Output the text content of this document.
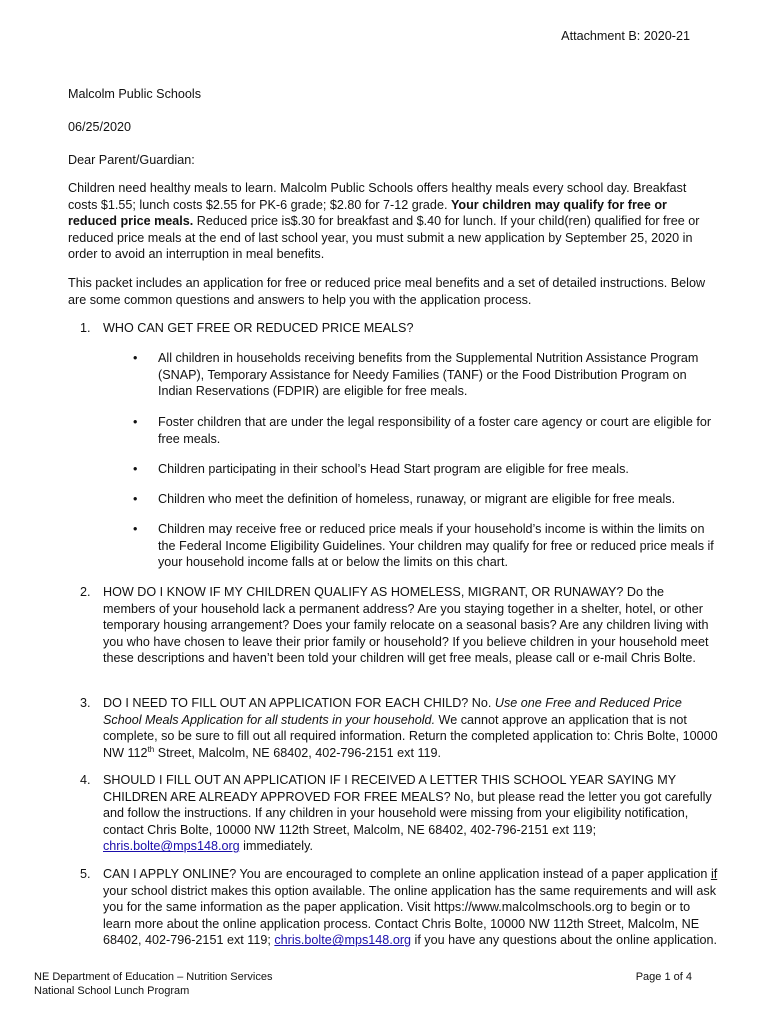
Attachment B: 2020-21
Malcolm Public Schools
06/25/2020
Dear Parent/Guardian:
Children need healthy meals to learn. Malcolm Public Schools offers healthy meals every school day. Breakfast costs $1.55; lunch costs $2.55 for PK-6 grade; $2.80 for 7-12 grade. Your children may qualify for free or reduced price meals. Reduced price is$.30 for breakfast and $.40 for lunch. If your child(ren) qualified for free or reduced price meals at the end of last school year, you must submit a new application by September 25, 2020 in order to avoid an interruption in meal benefits.
This packet includes an application for free or reduced price meal benefits and a set of detailed instructions. Below are some common questions and answers to help you with the application process.
1. WHO CAN GET FREE OR REDUCED PRICE MEALS?
• All children in households receiving benefits from the Supplemental Nutrition Assistance Program (SNAP), Temporary Assistance for Needy Families (TANF) or the Food Distribution Program on Indian Reservations (FDPIR) are eligible for free meals.
• Foster children that are under the legal responsibility of a foster care agency or court are eligible for free meals.
• Children participating in their school’s Head Start program are eligible for free meals.
• Children who meet the definition of homeless, runaway, or migrant are eligible for free meals.
• Children may receive free or reduced price meals if your household’s income is within the limits on the Federal Income Eligibility Guidelines. Your children may qualify for free or reduced price meals if your household income falls at or below the limits on this chart.
2. HOW DO I KNOW IF MY CHILDREN QUALIFY AS HOMELESS, MIGRANT, OR RUNAWAY? Do the members of your household lack a permanent address? Are you staying together in a shelter, hotel, or other temporary housing arrangement? Does your family relocate on a seasonal basis? Are any children living with you who have chosen to leave their prior family or household? If you believe children in your household meet these descriptions and haven’t been told your children will get free meals, please call or e-mail Chris Bolte.
3. DO I NEED TO FILL OUT AN APPLICATION FOR EACH CHILD? No. Use one Free and Reduced Price School Meals Application for all students in your household. We cannot approve an application that is not complete, so be sure to fill out all required information. Return the completed application to: Chris Bolte, 10000 NW 112th Street, Malcolm, NE 68402, 402-796-2151 ext 119.
4. SHOULD I FILL OUT AN APPLICATION IF I RECEIVED A LETTER THIS SCHOOL YEAR SAYING MY CHILDREN ARE ALREADY APPROVED FOR FREE MEALS? No, but please read the letter you got carefully and follow the instructions. If any children in your household were missing from your eligibility notification, contact Chris Bolte, 10000 NW 112th Street, Malcolm, NE 68402, 402-796-2151 ext 119; chris.bolte@mps148.org immediately.
5. CAN I APPLY ONLINE? You are encouraged to complete an online application instead of a paper application if your school district makes this option available. The online application has the same requirements and will ask you for the same information as the paper application. Visit https://www.malcolmschools.org to begin or to learn more about the online application process. Contact Chris Bolte, 10000 NW 112th Street, Malcolm, NE 68402, 402-796-2151 ext 119; chris.bolte@mps148.org if you have any questions about the online application.
NE Department of Education – Nutrition Services
National School Lunch Program
Page 1 of 4
